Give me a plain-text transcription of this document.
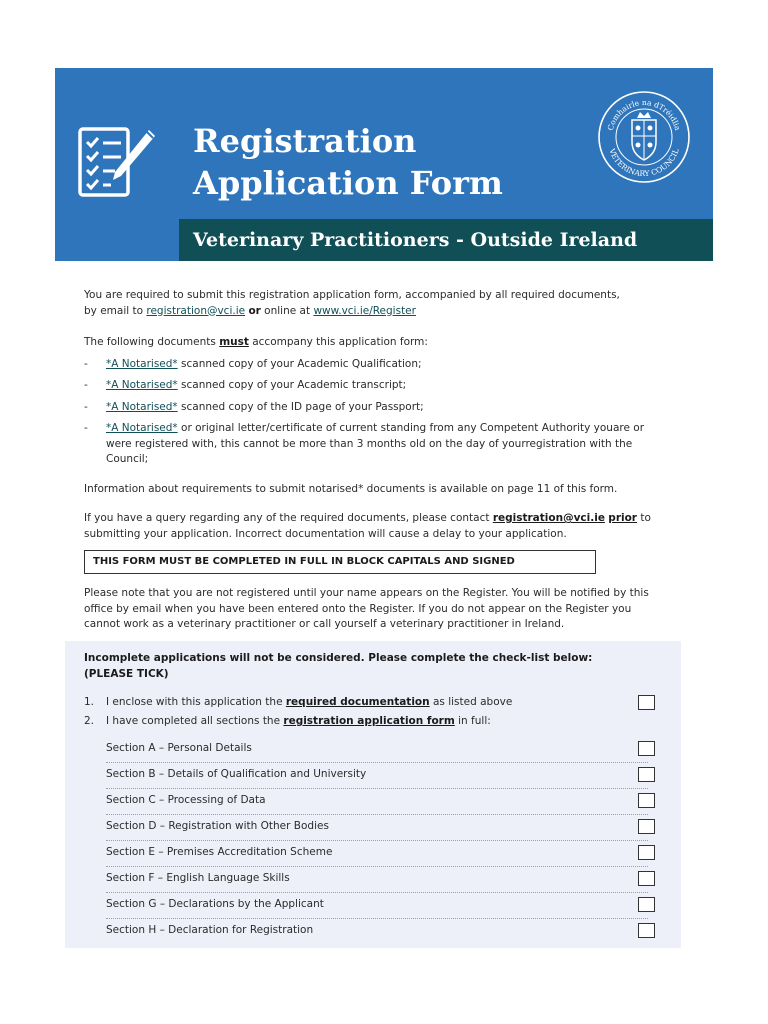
Registration
Application Form
Comhairle na dTréidlia
VETERINARY COUNCIL
Veterinary Practitioners - Outside Ireland

You are required to submit this registration application form, accompanied by all required documents,
by email to registration@vci.ie or online at www.vci.ie/Register

The following documents must accompany this application form:

- *A Notarised* scanned copy of your Academic Qualification;
- *A Notarised* scanned copy of your Academic transcript;
- *A Notarised* scanned copy of the ID page of your Passport;
- *A Notarised* or original letter/certificate of current standing from any Competent Authority youare or were registered with, this cannot be more than 3 months old on the day of yourregistration with the Council;

Information about requirements to submit notarised* documents is available on page 11 of this form.

If you have a query regarding any of the required documents, please contact registration@vci.ie prior to submitting your application. Incorrect documentation will cause a delay to your application.

THIS FORM MUST BE COMPLETED IN FULL IN BLOCK CAPITALS AND SIGNED

Please note that you are not registered until your name appears on the Register. You will be notified by this office by email when you have been entered onto the Register. If you do not appear on the Register you cannot work as a veterinary practitioner or call yourself a veterinary practitioner in Ireland.

Incomplete applications will not be considered. Please complete the check-list below:
(PLEASE TICK)
1. I enclose with this application the required documentation as listed above
2. I have completed all sections the registration application form in full:
Section A – Personal Details
Section B – Details of Qualification and University
Section C – Processing of Data
Section D – Registration with Other Bodies
Section E – Premises Accreditation Scheme
Section F – English Language Skills
Section G – Declarations by the Applicant
Section H – Declaration for Registration
